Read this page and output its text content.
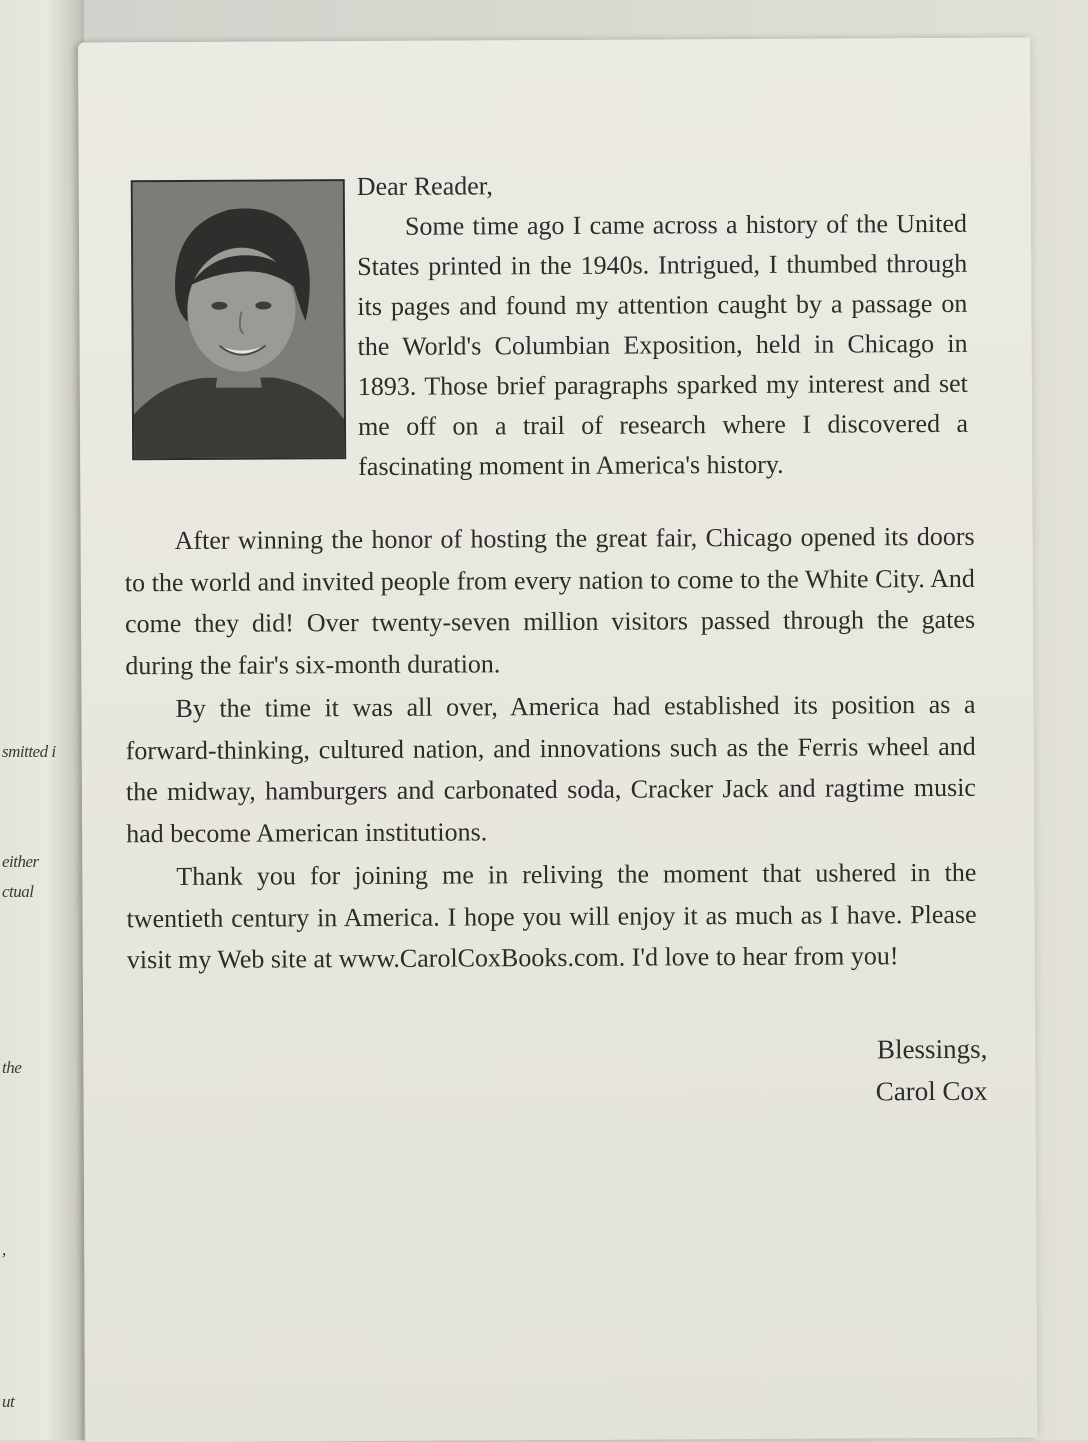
smitted i
either
ctual
the
,
ut
Dear Reader,
Some time ago I came across a history of the United States printed in the 1940s. Intrigued, I thumbed through its pages and found my attention caught by a passage on the World's Columbian Exposition, held in Chicago in 1893. Those brief paragraphs sparked my interest and set me off on a trail of research where I discovered a fascinating moment in America's history.

After winning the honor of hosting the great fair, Chicago opened its doors to the world and invited people from every nation to come to the White City. And come they did! Over twenty-seven million visitors passed through the gates during the fair's six-month duration.

By the time it was all over, America had established its position as a forward-thinking, cultured nation, and innovations such as the Ferris wheel and the midway, hamburgers and carbonated soda, Cracker Jack and ragtime music had become American institutions.

Thank you for joining me in reliving the moment that ushered in the twentieth century in America. I hope you will enjoy it as much as I have. Please visit my Web site at www.CarolCoxBooks.com. I'd love to hear from you!

Blessings,
Carol Cox
